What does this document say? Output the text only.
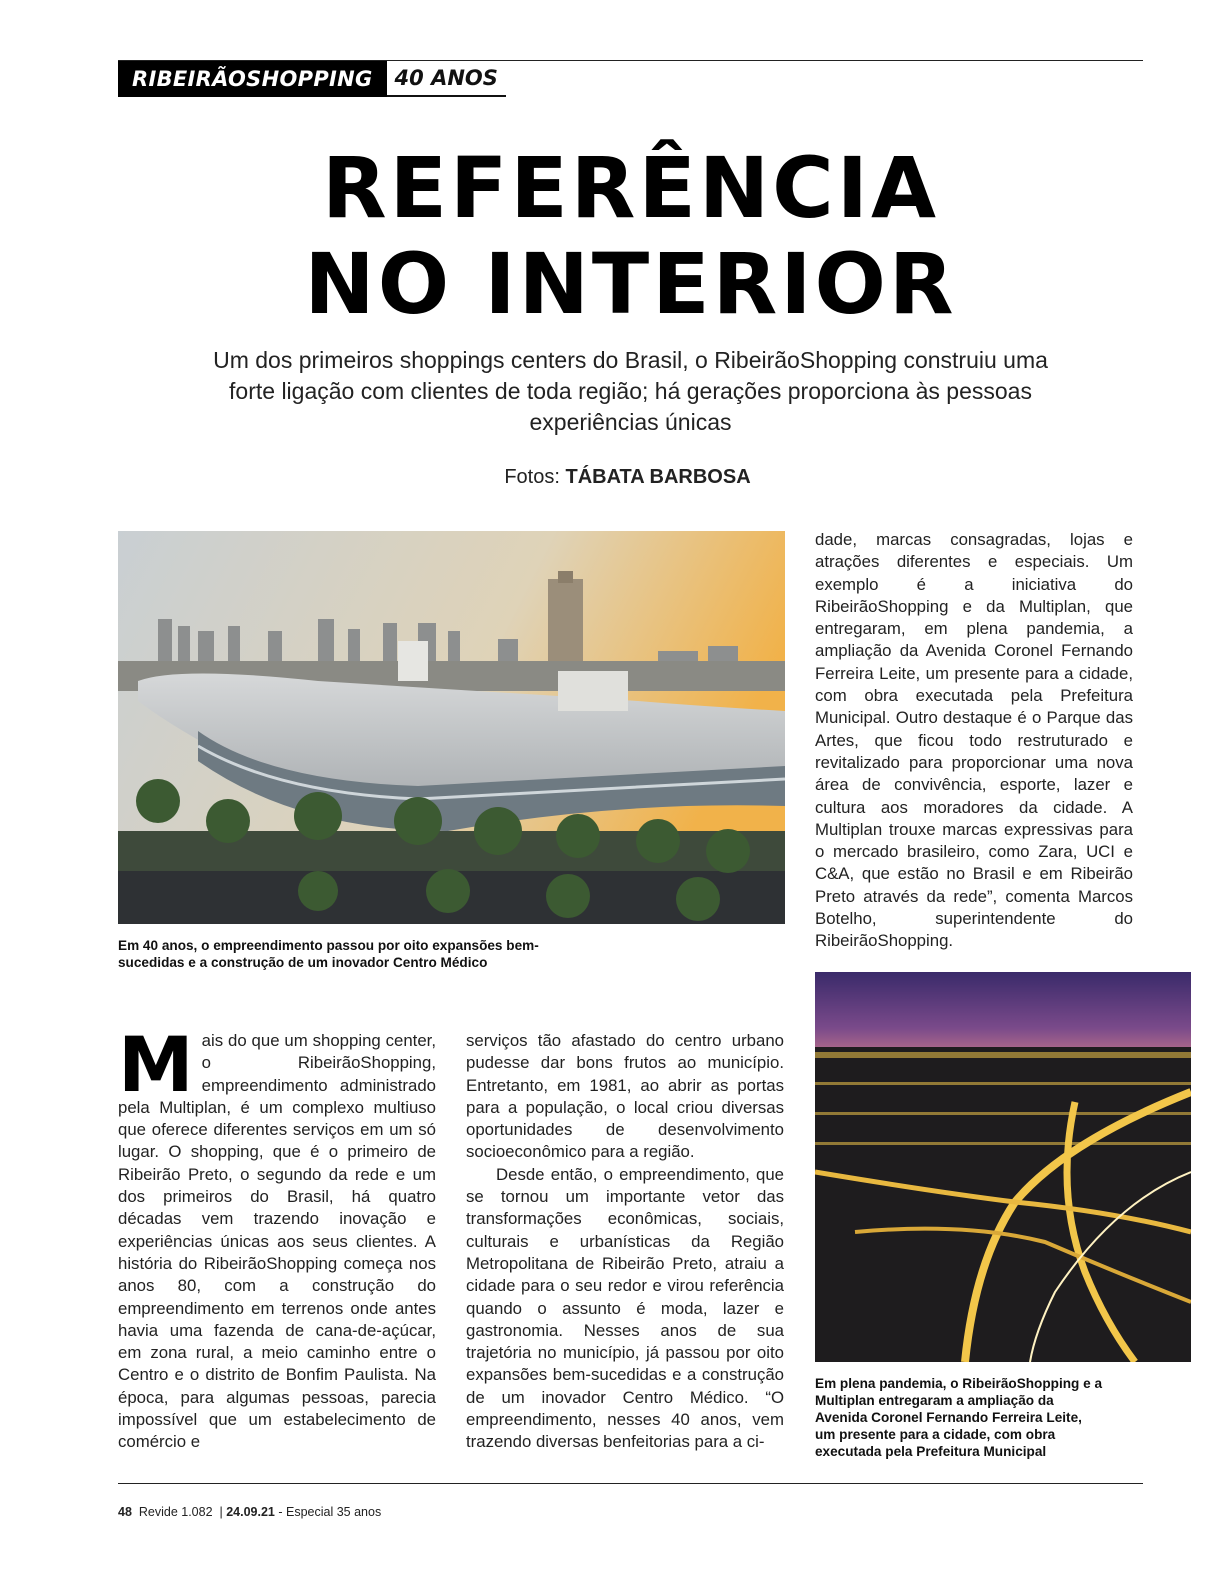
RIBEIRÃOSHOPPING	40 ANOS
REFERÊNCIA
NO INTERIOR
Um dos primeiros shoppings centers do Brasil, o RibeirãoShopping construiu uma forte ligação com clientes de toda região; há gerações proporciona às pessoas experiências únicas
Fotos: TÁBATA BARBOSA
Em 40 anos, o empreendimento passou por oito expansões bem-sucedidas e a construção de um inovador Centro Médico

dade, marcas consagradas, lojas e atrações diferentes e especiais. Um exemplo é a iniciativa do RibeirãoShopping e da Multiplan, que entregaram, em plena pandemia, a ampliação da Avenida Coronel Fernando Ferreira Leite, um presente para a cidade, com obra executada pela Prefeitura Municipal. Outro destaque é o Parque das Artes, que ficou todo restruturado e revitalizado para proporcionar uma nova área de convivência, esporte, lazer e cultura aos moradores da cidade. A Multiplan trouxe marcas expressivas para o mercado brasileiro, como Zara, UCI e C&A, que estão no Brasil e em Ribeirão Preto através da rede”, comenta Marcos Botelho, superintendente do RibeirãoShopping.

Em plena pandemia, o RibeirãoShopping e a Multiplan entregaram a ampliação da Avenida Coronel Fernando Ferreira Leite, um presente para a cidade, com obra executada pela Prefeitura Municipal

Mais do que um shopping center, o RibeirãoShopping, empreendimento administrado pela Multiplan, é um complexo multiuso que oferece diferentes serviços em um só lugar. O shopping, que é o primeiro de Ribeirão Preto, o segundo da rede e um dos primeiros do Brasil, há quatro décadas vem trazendo inovação e experiências únicas aos seus clientes. A história do RibeirãoShopping começa nos anos 80, com a construção do empreendimento em terrenos onde antes havia uma fazenda de cana-de-açúcar, em zona rural, a meio caminho entre o Centro e o distrito de Bonfim Paulista. Na época, para algumas pessoas, parecia impossível que um estabelecimento de comércio e

serviços tão afastado do centro urbano pudesse dar bons frutos ao município. Entretanto, em 1981, ao abrir as portas para a população, o local criou diversas oportunidades de desenvolvimento socioeconômico para a região.

Desde então, o empreendimento, que se tornou um importante vetor das transformações econômicas, sociais, culturais e urbanísticas da Região Metropolitana de Ribeirão Preto, atraiu a cidade para o seu redor e virou referência quando o assunto é moda, lazer e gastronomia. Nesses anos de sua trajetória no município, já passou por oito expansões bem-sucedidas e a construção de um inovador Centro Médico. “O empreendimento, nesses 40 anos, vem trazendo diversas benfeitorias para a ci-

48 Revide 1.082  | 24.09.21 - Especial 35 anos
